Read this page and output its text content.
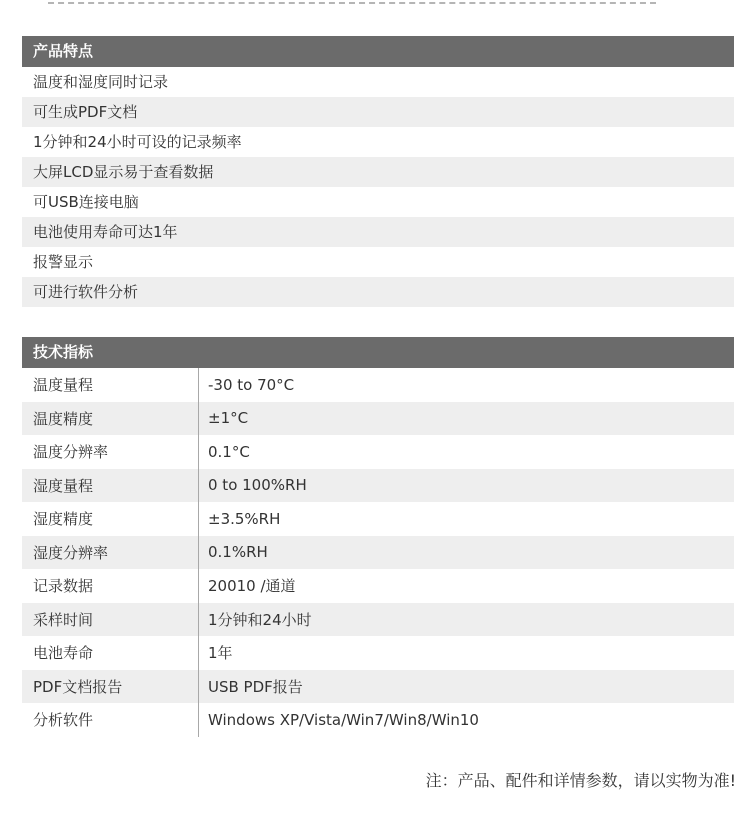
产品特点
温度和湿度同时记录
可生成PDF文档
1分钟和24小时可设的记录频率
大屏LCD显示易于查看数据
可USB连接电脑
电池使用寿命可达1年
报警显示
可进行软件分析
技术指标
温度量程	-30 to 70°C
温度精度	±1°C
温度分辨率	0.1°C
湿度量程	0 to 100%RH
湿度精度	±3.5%RH
湿度分辨率	0.1%RH
记录数据	20010 /通道
采样时间	1分钟和24小时
电池寿命	1年
PDF文档报告	USB PDF报告
分析软件	Windows XP/Vista/Win7/Win8/Win10
注：产品、配件和详情参数，请以实物为准!
